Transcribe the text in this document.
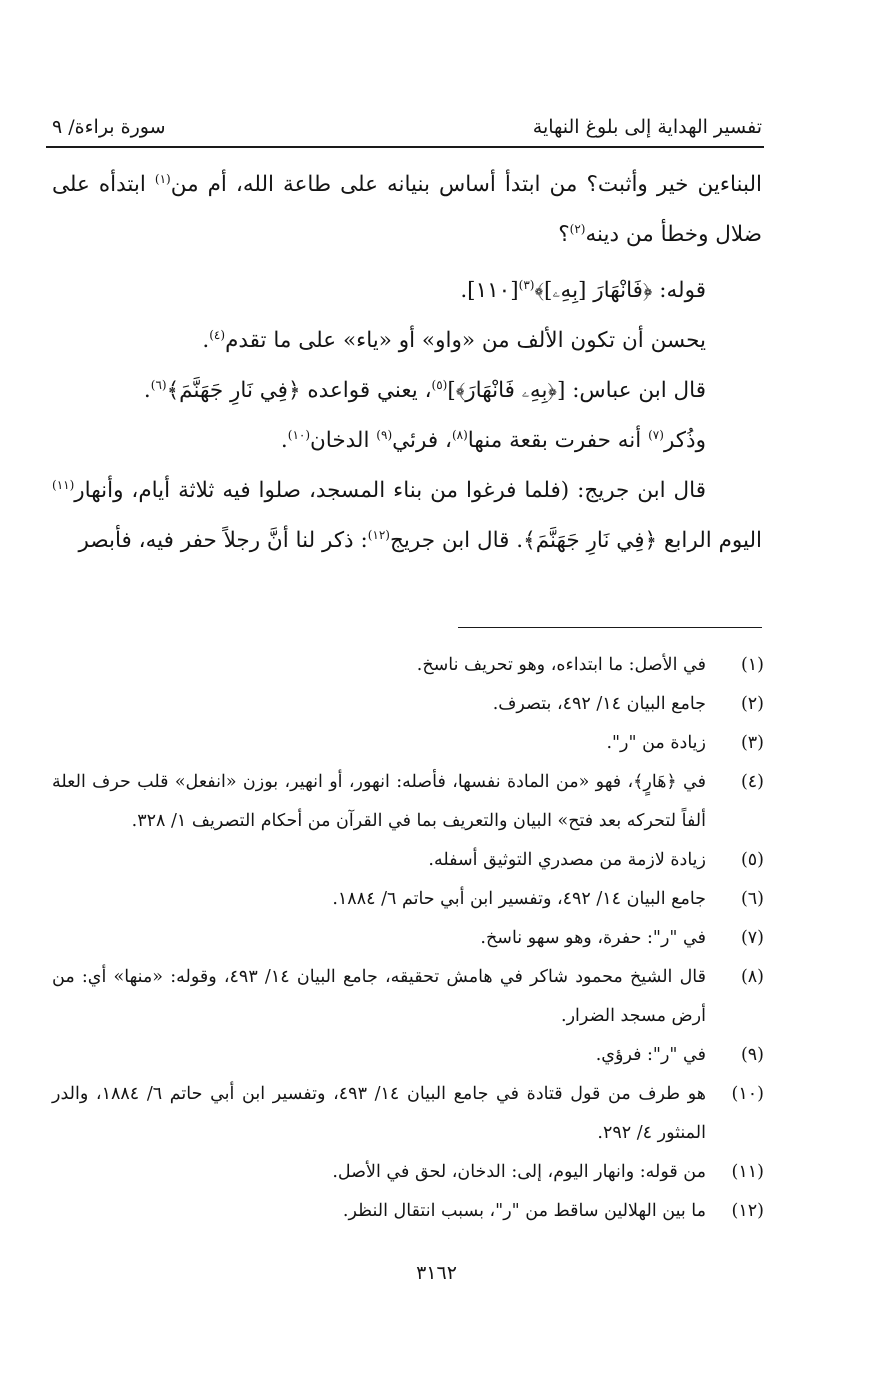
تفسير الهداية إلى بلوغ النهاية
سورة براءة/ ٩

البناءين خير وأثبت؟ من ابتدأ أساس بنيانه على طاعة الله، أم من$^{(١)}$ ابتدأه على ضلال وخطأ من دينه$^{(٢)}$؟

قوله: ﴿فَانْهَارَ [بِهِۦ]﴾$^{(٣)}$[١١٠].

يحسن أن تكون الألف من «واو» أو «ياء» على ما تقدم$^{(٤)}$.

قال ابن عباس: [﴿بِهِۦ فَانْهَارَ﴾]$^{(٥)}$، يعني قواعده ﴿فِي نَارِ جَهَنَّمَ﴾$^{(٦)}$.

وذُكر$^{(٧)}$ أنه حفرت بقعة منها$^{(٨)}$، فرئي$^{(٩)}$ الدخان$^{(١٠)}$.

قال ابن جريج: (فلما فرغوا من بناء المسجد، صلوا فيه ثلاثة أيام، وأنهار$^{(١١)}$ اليوم الرابع ﴿فِي نَارِ جَهَنَّمَ﴾. قال ابن جريج$^{(١٢)}$: ذكر لنا أنَّ رجلاً حفر فيه، فأبصر

(١)
في الأصل: ما ابتداءه، وهو تحريف ناسخ.
(٢)
جامع البيان ١٤/ ٤٩٢، بتصرف.
(٣)
زيادة من "ر".
(٤)
في ﴿هَارٍ﴾، فهو «من المادة نفسها، فأصله: انهور، أو انهير، بوزن «انفعل» قلب حرف العلة ألفاً لتحركه بعد فتح» البيان والتعريف بما في القرآن من أحكام التصريف ١/ ٣٢٨.
(٥)
زيادة لازمة من مصدري التوثيق أسفله.
(٦)
جامع البيان ١٤/ ٤٩٢، وتفسير ابن أبي حاتم ٦/ ١٨٨٤.
(٧)
في "ر": حفرة، وهو سهو ناسخ.
(٨)
قال الشيخ محمود شاكر في هامش تحقيقه، جامع البيان ١٤/ ٤٩٣، وقوله: «منها» أي: من أرض مسجد الضرار.
(٩)
في "ر": فرؤي.
(١٠)
هو طرف من قول قتادة في جامع البيان ١٤/ ٤٩٣، وتفسير ابن أبي حاتم ٦/ ١٨٨٤، والدر المنثور ٤/ ٢٩٢.
(١١)
من قوله: وانهار اليوم، إلى: الدخان، لحق في الأصل.
(١٢)
ما بين الهلالين ساقط من "ر"، بسبب انتقال النظر.
٣١٦٢
